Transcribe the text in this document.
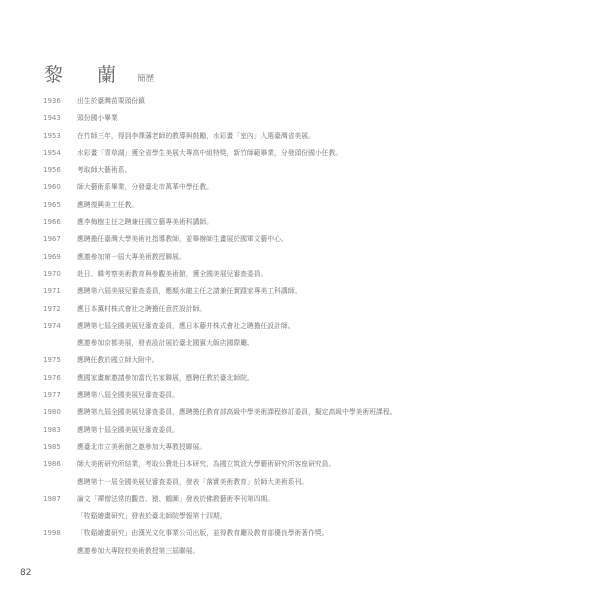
黎 蘭 簡歷
1936	出生於臺灣苗栗頭份鎮
1943	頭份國小畢業
1953	在竹師三年，得到李澤藩老師的教導與鼓勵，水彩畫「室內」入選臺灣省美展。
1954	水彩畫「青草湖」獲全省學生美展大專高中組特獎，新竹師範畢業，分發頭份國小任教。
1956	考取師大藝術系。
1960	師大藝術系畢業，分發臺北市萬華中學任教。
1965	應聘復興美工任教。
1966	應李梅樹主任之聘兼任國立藝專美術科講師。
1967	應聘擔任臺灣大學美術社指導教師，並舉辦師生畫展於國軍文藝中心。
1969	應邀參加第一屆大專美術教授聯展。
1970	赴日、韓考察美術教育與參觀美術館，獲全國美展兒審查委員。
1971	應聘第六屆美展兒審查委員，應顏水龍主任之請兼任實踐家專美工科講師。
1972	應日本薰村株式會社之聘擔任意匠設計師。
1974	應聘第七屆全國美展兒審查委員，應日本藤井株式會社之聘擔任設計師。
應邀參加京都美展，發表設計展於臺北國賓大飯店國際廳。
1975	應聘任教於國立師大附中。
1976	應國家畫廊邀請參加當代名家聯展，應聘任教於臺北師院。
1977	應聘第八屆全國美展兒審查委員。
1980	應聘第九屆全國美展兒審查委員，應聘擔任教育部高級中學美術課程修訂委員，擬定高級中學美術班課程。
1983	應聘第十屆全國美展兒審查委員。
1985	應臺北市立美術館之邀參加大專教授聯展。
1986	師大美術研究所結業，考取公費赴日本研究，為國立筑波大學藝術研究所客座研究員。
應聘第十一屆全國美展兒審查委員，發表「落實美術教育」於師大美術系刊。
1987	論文「禪僧法常的觀音、猿、鶴圖」發表於佛教藝術季刊第四期。
「牧谿繪畫研究」發表於臺北師院學報第十四期。
1998	「牧谿繪畫研究」由漢光文化事業公司出版，並得教育廳及教育部優良學術著作獎。
應邀參加大專院校美術教授第三屆聯展。
82
